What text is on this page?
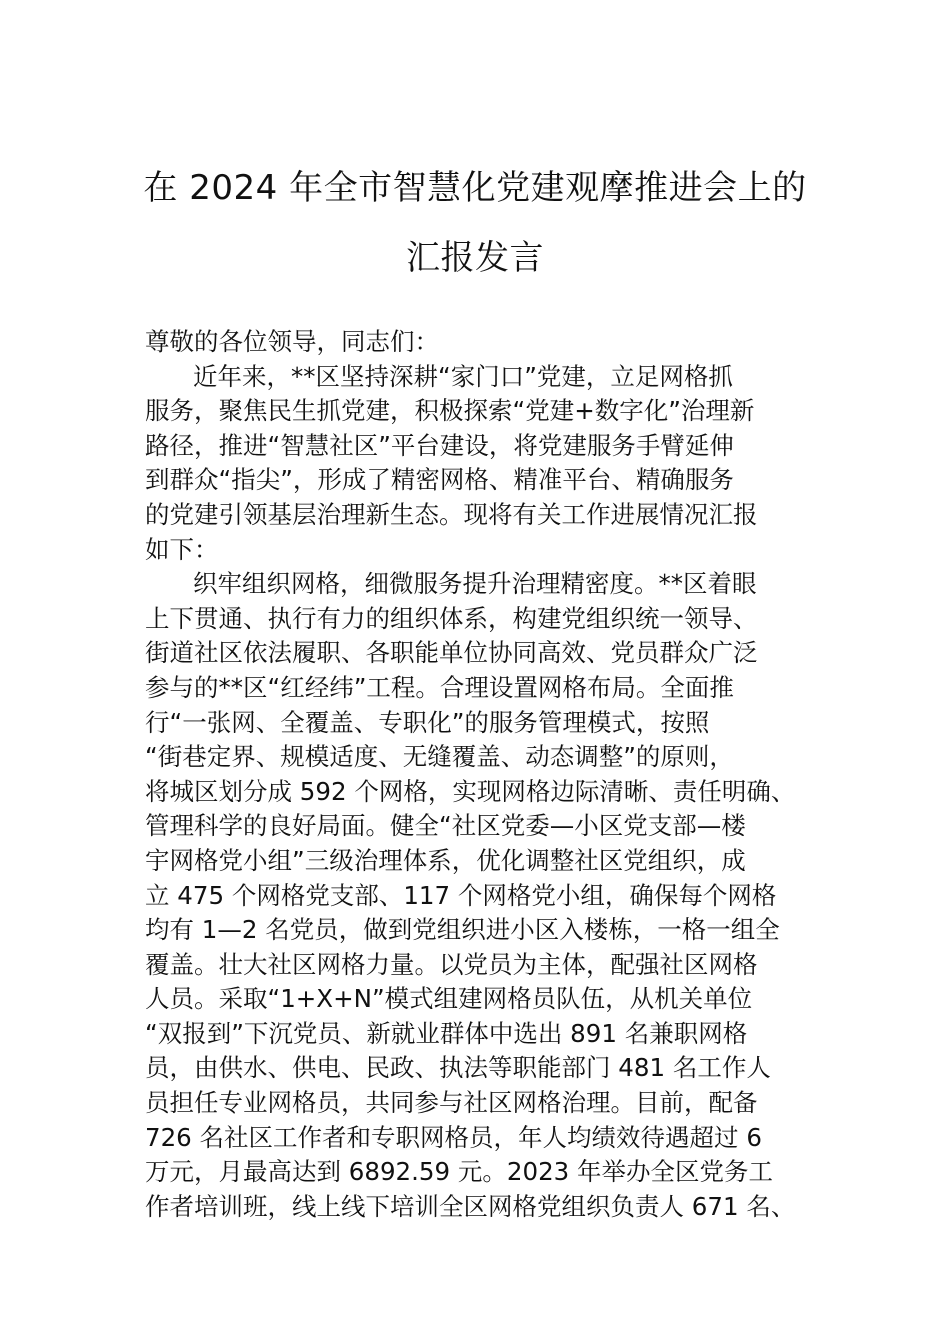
在 2024 年全市智慧化党建观摩推进会上的
汇报发言
尊敬的各位领导，同志们：
近年来，**区坚持深耕“家门口”党建，立足网格抓
服务，聚焦民生抓党建，积极探索“党建+数字化”治理新
路径，推进“智慧社区”平台建设，将党建服务手臂延伸
到群众“指尖”，形成了精密网格、精准平台、精确服务
的党建引领基层治理新生态。现将有关工作进展情况汇报
如下：
织牢组织网格，细微服务提升治理精密度。**区着眼
上下贯通、执行有力的组织体系，构建党组织统一领导、
街道社区依法履职、各职能单位协同高效、党员群众广泛
参与的**区“红经纬”工程。合理设置网格布局。全面推
行“一张网、全覆盖、专职化”的服务管理模式，按照
“街巷定界、规模适度、无缝覆盖、动态调整”的原则，
将城区划分成 592 个网格，实现网格边际清晰、责任明确、
管理科学的良好局面。健全“社区党委—小区党支部—楼
宇网格党小组”三级治理体系，优化调整社区党组织，成
立 475 个网格党支部、117 个网格党小组，确保每个网格
均有 1—2 名党员，做到党组织进小区入楼栋，一格一组全
覆盖。壮大社区网格力量。以党员为主体，配强社区网格
人员。采取“1+X+N”模式组建网格员队伍，从机关单位
“双报到”下沉党员、新就业群体中选出 891 名兼职网格
员，由供水、供电、民政、执法等职能部门 481 名工作人
员担任专业网格员，共同参与社区网格治理。目前，配备
726 名社区工作者和专职网格员，年人均绩效待遇超过 6
万元，月最高达到 6892.59 元。2023 年举办全区党务工
作者培训班，线上线下培训全区网格党组织负责人 671 名、
